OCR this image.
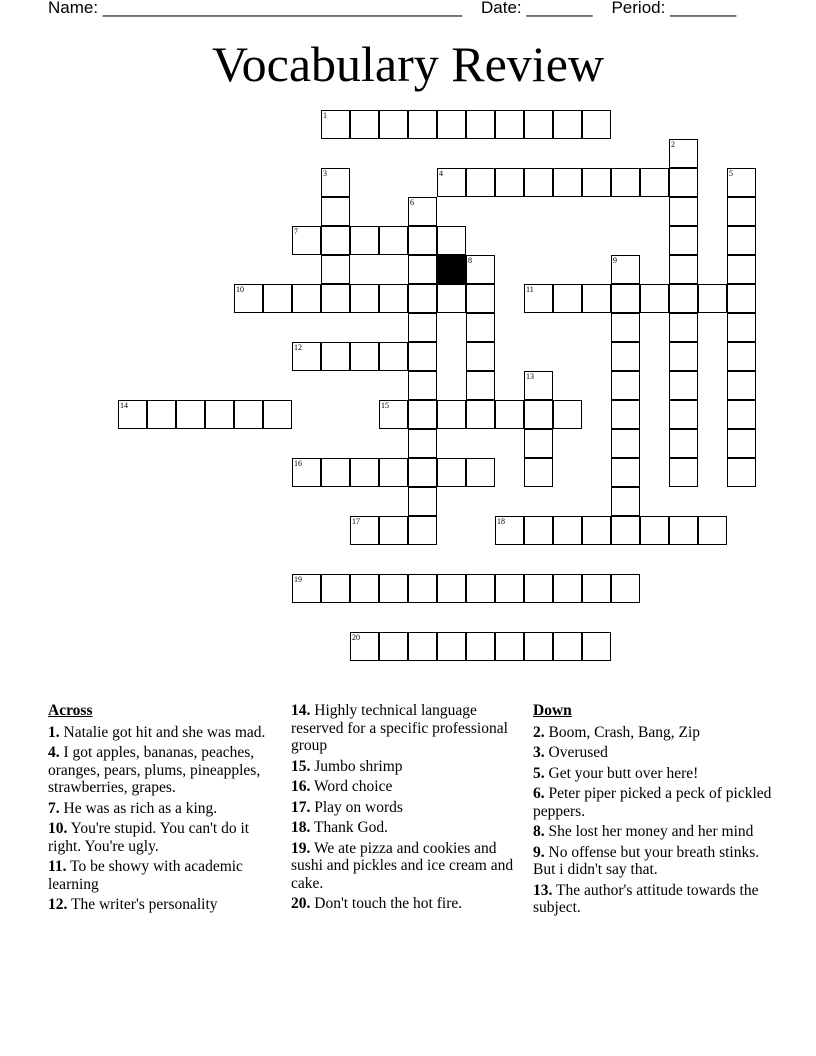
Name: ______________________________________ Date: _______ Period: _______
Vocabulary Review
1
2
3	4	5
6
7
8	9
10	11
12
13
14	15
16
17	18
19
20
Across
1. Natalie got hit and she was mad.
4. I got apples, bananas, peaches, oranges, pears, plums, pineapples, strawberries, grapes.
7. He was as rich as a king.
10. You're stupid. You can't do it right. You're ugly.
11. To be showy with academic learning
12. The writer's personality
14. Highly technical language reserved for a specific professional group
15. Jumbo shrimp
16. Word choice
17. Play on words
18. Thank God.
19. We ate pizza and cookies and sushi and pickles and ice cream and cake.
20. Don't touch the hot fire.
Down
2. Boom, Crash, Bang, Zip
3. Overused
5. Get your butt over here!
6. Peter piper picked a peck of pickled peppers.
8. She lost her money and her mind
9. No offense but your breath stinks. But i didn't say that.
13. The author's attitude towards the subject.
